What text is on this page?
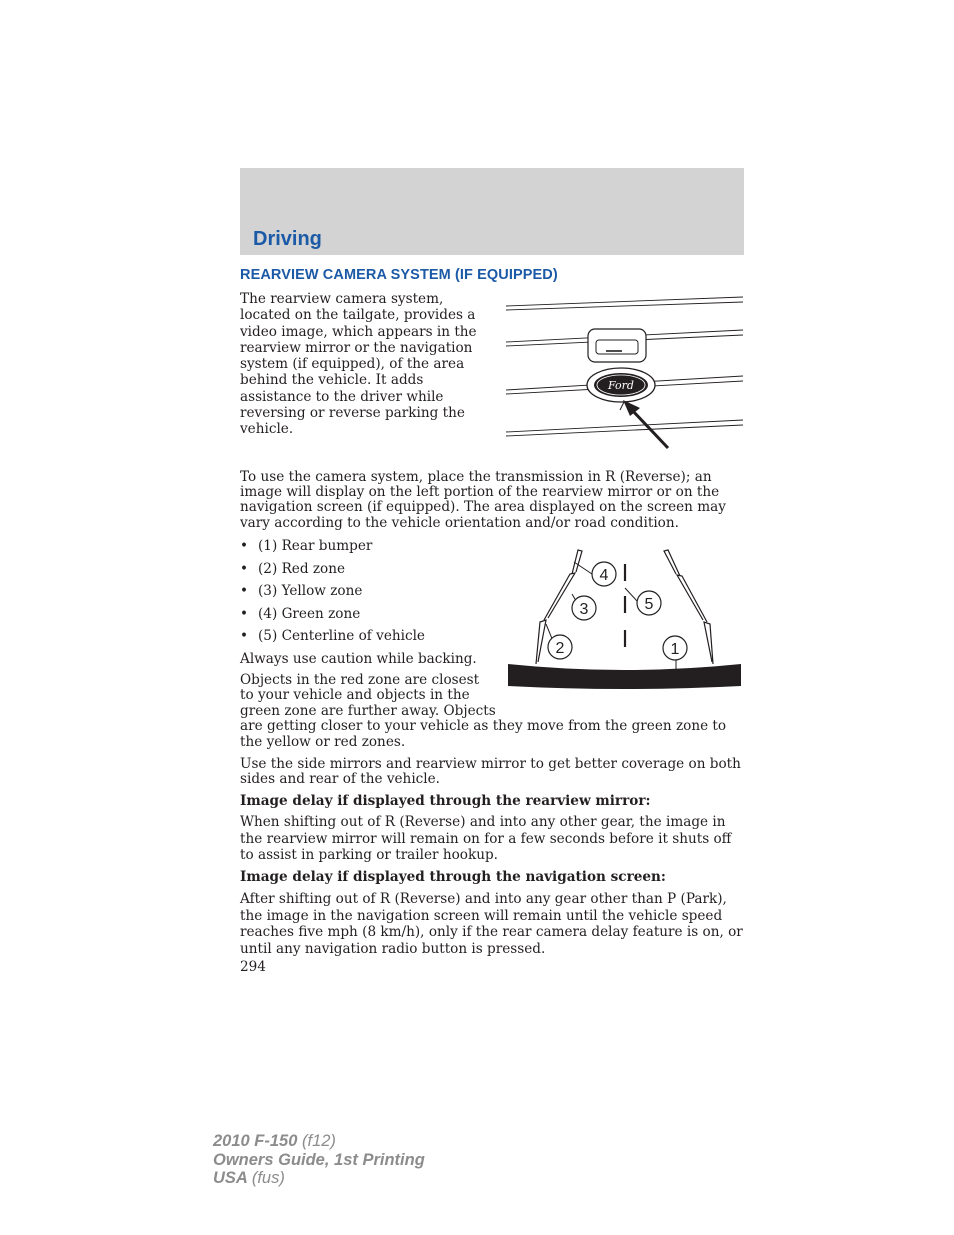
Driving
REARVIEW CAMERA SYSTEM (IF EQUIPPED)

The rearview camera system,
located on the tailgate, provides a
video image, which appears in the
rearview mirror or the navigation
system (if equipped), of the area
behind the vehicle. It adds
assistance to the driver while
reversing or reverse parking the
vehicle.

Ford

To use the camera system, place the transmission in R (Reverse); an
image will display on the left portion of the rearview mirror or on the
navigation screen (if equipped). The area displayed on the screen may
vary according to the vehicle orientation and/or road condition.

• (1) Rear bumper
• (2) Red zone
• (3) Yellow zone
• (4) Green zone
• (5) Centerline of vehicle
4
3	5
2	1

Always use caution while backing.

Objects in the red zone are closest
to your vehicle and objects in the
green zone are further away. Objects
are getting closer to your vehicle as they move from the green zone to
the yellow or red zones.

Use the side mirrors and rearview mirror to get better coverage on both
sides and rear of the vehicle.

Image delay if displayed through the rearview mirror:

When shifting out of R (Reverse) and into any other gear, the image in
the rearview mirror will remain on for a few seconds before it shuts off
to assist in parking or trailer hookup.

Image delay if displayed through the navigation screen:

After shifting out of R (Reverse) and into any gear other than P (Park),
the image in the navigation screen will remain until the vehicle speed
reaches five mph (8 km/h), only if the rear camera delay feature is on, or
until any navigation radio button is pressed.

294
2010 F-150 (f12)
Owners Guide, 1st Printing
USA (fus)
